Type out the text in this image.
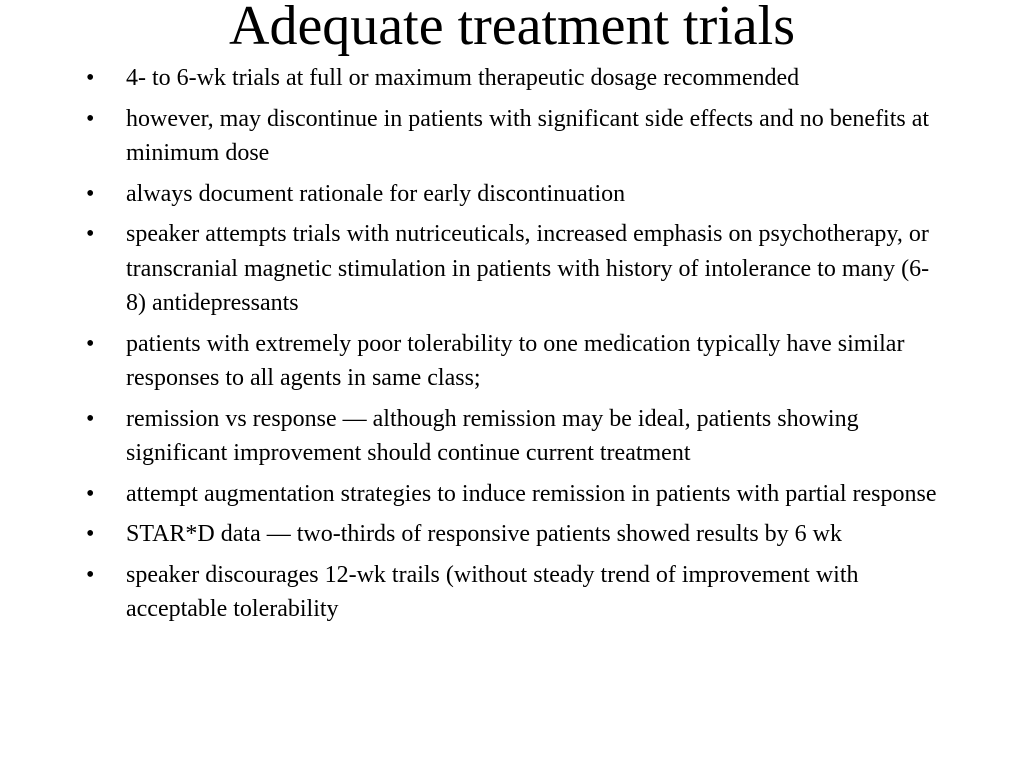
Adequate treatment trials
•	4- to 6-wk trials at full or maximum therapeutic dosage recommended
•	however, may discontinue in patients with significant side effects and no benefits at minimum dose
•	always document rationale for early discontinuation
•	speaker attempts trials with nutriceuticals, increased emphasis on psychotherapy, or transcranial magnetic stimulation in patients with history of intolerance to many (6-8) antidepressants
•	patients with extremely poor tolerability to one medication typically have similar responses to all agents in same class;
•	remission vs response — although remission may be ideal, patients showing significant improvement should continue current treatment
•	attempt augmentation strategies to induce remission in patients with partial response
•	STAR*D data — two-thirds of responsive patients showed results by 6 wk
•	speaker discourages 12-wk trails (without steady trend of improvement with acceptable tolerability
